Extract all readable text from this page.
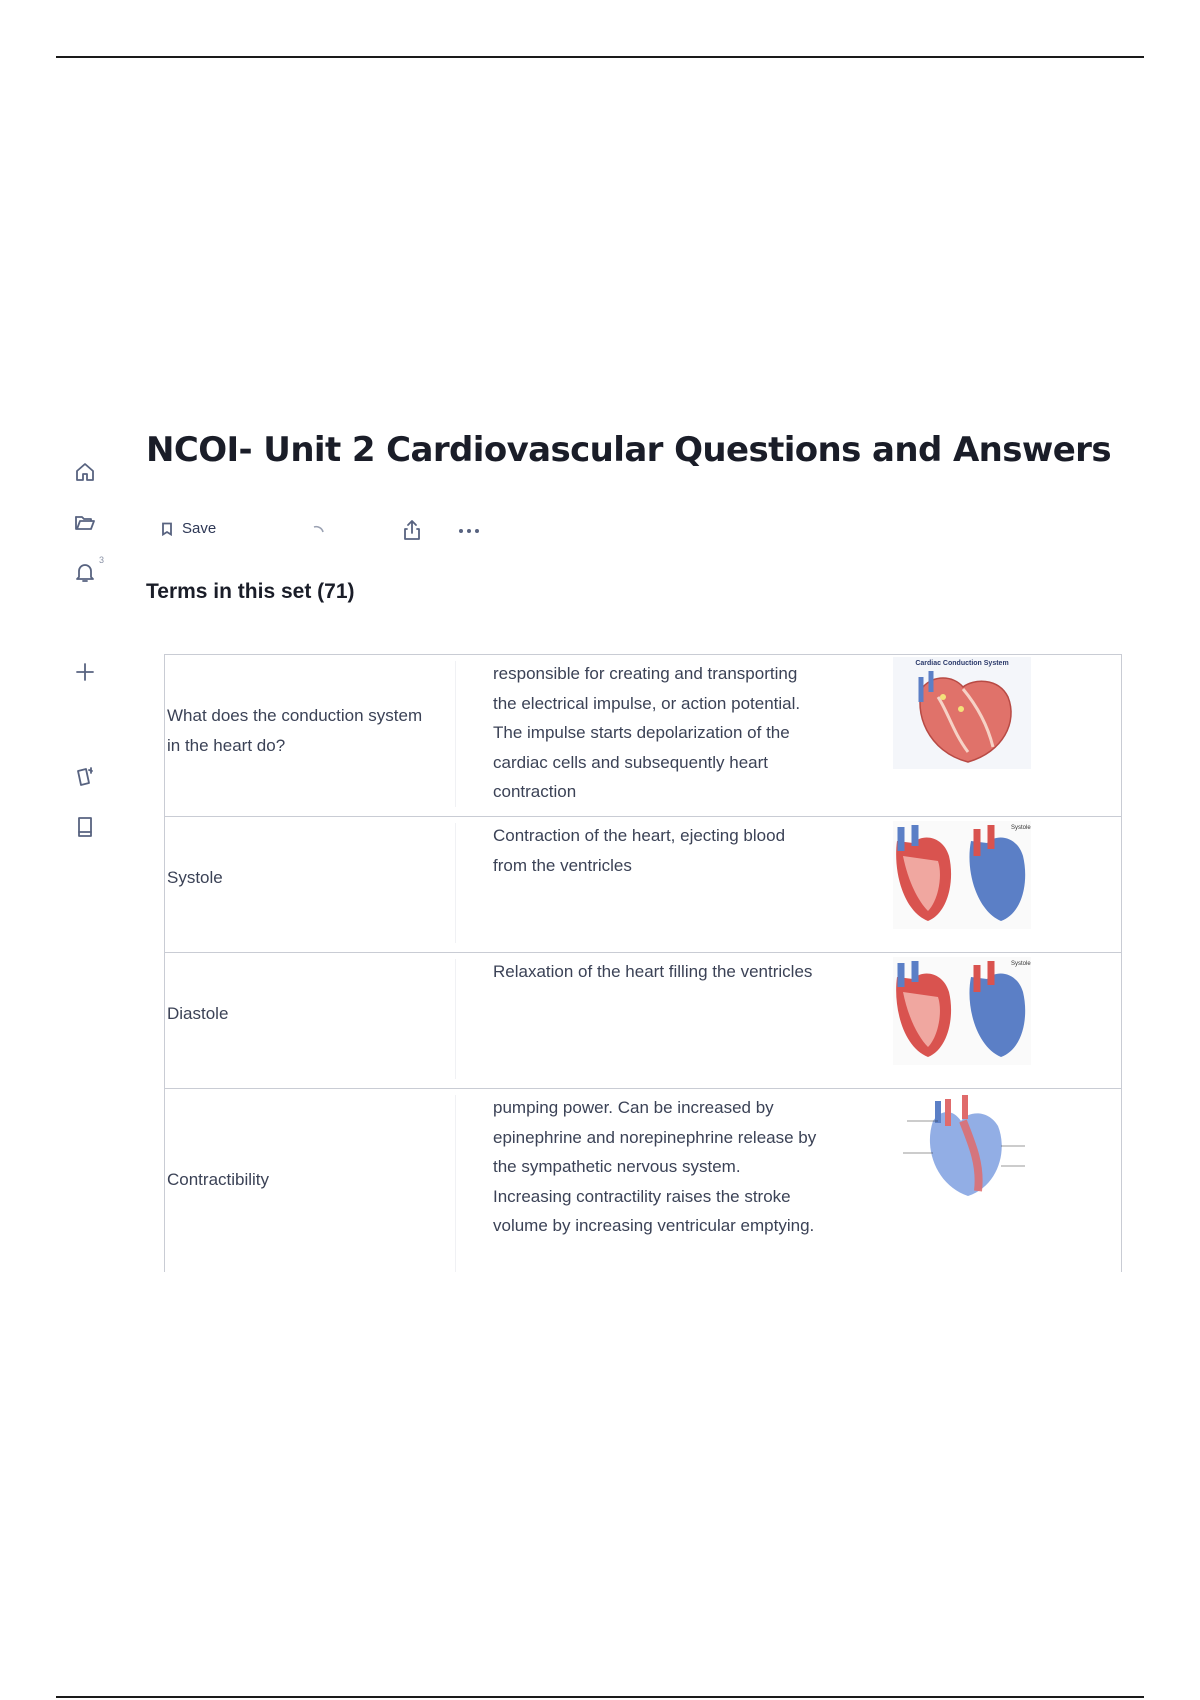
3
NCOI- Unit 2 Cardiovascular Questions and Answers
Save
Terms in this set (71)
What does the conduction system in the heart do?
responsible for creating and transporting the electrical impulse, or action potential. The impulse starts depolarization of the cardiac cells and subsequently heart contraction
Cardiac Conduction System
Systole
Contraction of the heart, ejecting blood from the ventricles
Systole
Diastole
Relaxation of the heart filling the ventricles	Systole
Contractibility
pumping power. Can be increased by epinephrine and norepinephrine release by the sympathetic nervous system. Increasing contractility raises the stroke volume by increasing ventricular emptying.
